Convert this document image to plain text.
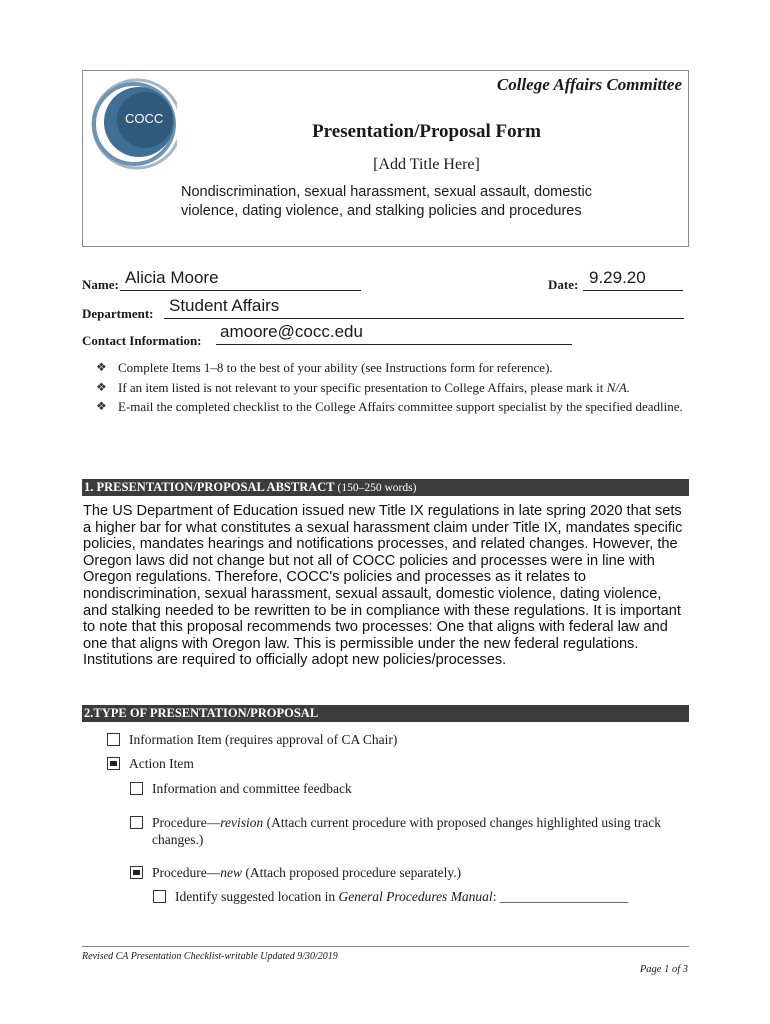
College Affairs Committee
COCC
Presentation/Proposal Form
[Add Title Here]
Nondiscrimination, sexual harassment, sexual assault, domestic violence, dating violence, and stalking policies and procedures
Name: Alicia Moore	Date: 9.29.20
Department: Student Affairs
Contact Information: amoore@cocc.edu
❖ Complete Items 1–8 to the best of your ability (see Instructions form for reference).
❖ If an item listed is not relevant to your specific presentation to College Affairs, please mark it N/A.
❖ E-mail the completed checklist to the College Affairs committee support specialist by the specified deadline.
1. PRESENTATION/PROPOSAL ABSTRACT (150–250 words)
The US Department of Education issued new Title IX regulations in late spring 2020 that sets a higher bar for what constitutes a sexual harassment claim under Title IX, mandates specific policies, mandates hearings and notifications processes, and related changes. However, the Oregon laws did not change but not all of COCC policies and processes were in line with Oregon regulations. Therefore, COCC's policies and processes as it relates to nondiscrimination, sexual harassment, sexual assault, domestic violence, dating violence, and stalking needed to be rewritten to be in compliance with these regulations. It is important to note that this proposal recommends two processes: One that aligns with federal law and one that aligns with Oregon law. This is permissible under the new federal regulations. Institutions are required to officially adopt new policies/processes.
2.TYPE OF PRESENTATION/PROPOSAL
Information Item (requires approval of CA Chair)
Action Item
Information and committee feedback
Procedure—revision (Attach current procedure with proposed changes highlighted using track changes.)
Procedure—new (Attach proposed procedure separately.)
Identify suggested location in General Procedures Manual: ___________________
Revised CA Presentation Checklist-writable Updated 9/30/2019
Page 1 of 3
